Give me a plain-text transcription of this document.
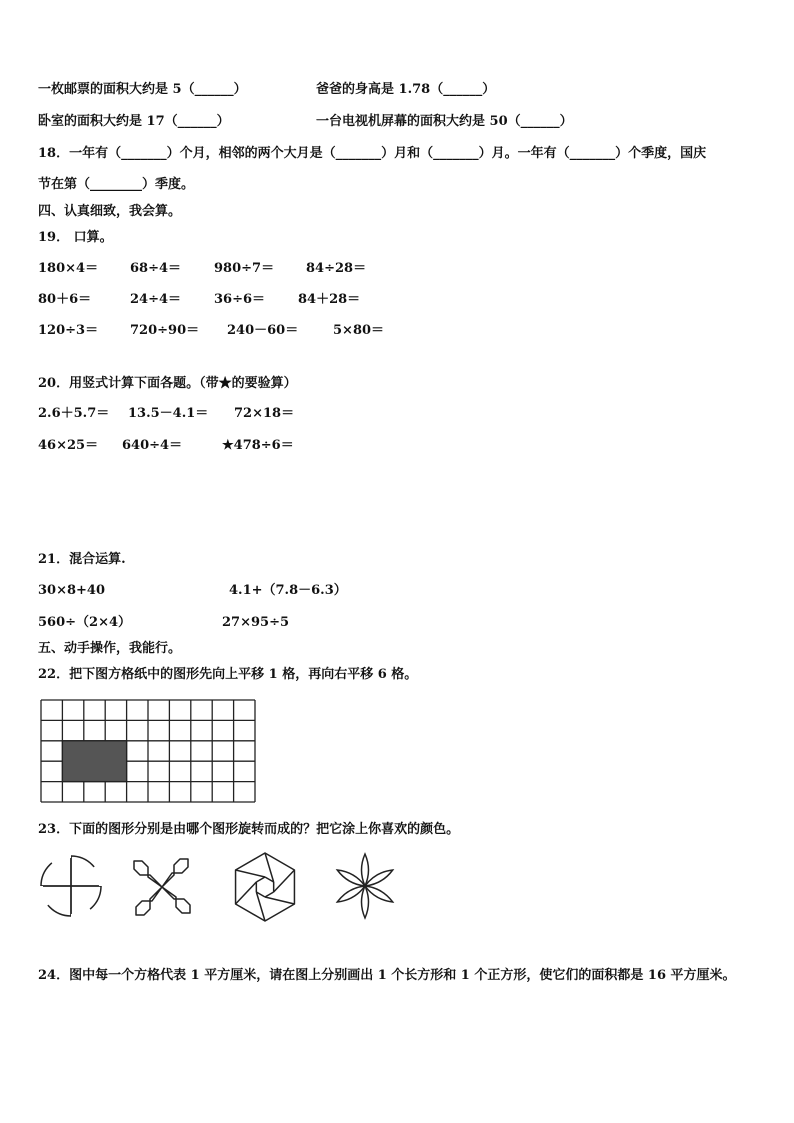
一枚邮票的面积大约是 5（______）	爸爸的身高是 1.78（______）
卧室的面积大约是 17（______）	一台电视机屏幕的面积大约是 50（______）
18．一年有（_______）个月，相邻的两个大月是（_______）月和（_______）月。一年有（_______）个季度，国庆
节在第（________）季度。
四、认真细致，我会算。
19． 口算。
180×4＝ 68÷4＝	980÷7＝ 84÷28＝
80＋6＝	24÷4＝	36÷6＝	84＋28＝
120÷3＝ 720÷90＝ 240－60＝	5×80＝
20．用竖式计算下面各题。（带★的要验算）
2.6＋5.7＝ 13.5－4.1＝ 72×18＝
46×25＝ 640÷4＝	★478÷6＝
21．混合运算.
30×8+40	4.1+（7.8－6.3）
560÷（2×4）	27×95÷5
五、动手操作，我能行。
22．把下图方格纸中的图形先向上平移 1 格，再向右平移 6 格。
23．下面的图形分别是由哪个图形旋转而成的？把它涂上你喜欢的颜色。
24．图中每一个方格代表 1 平方厘米，请在图上分别画出 1 个长方形和 1 个正方形，使它们的面积都是 16 平方厘米。
